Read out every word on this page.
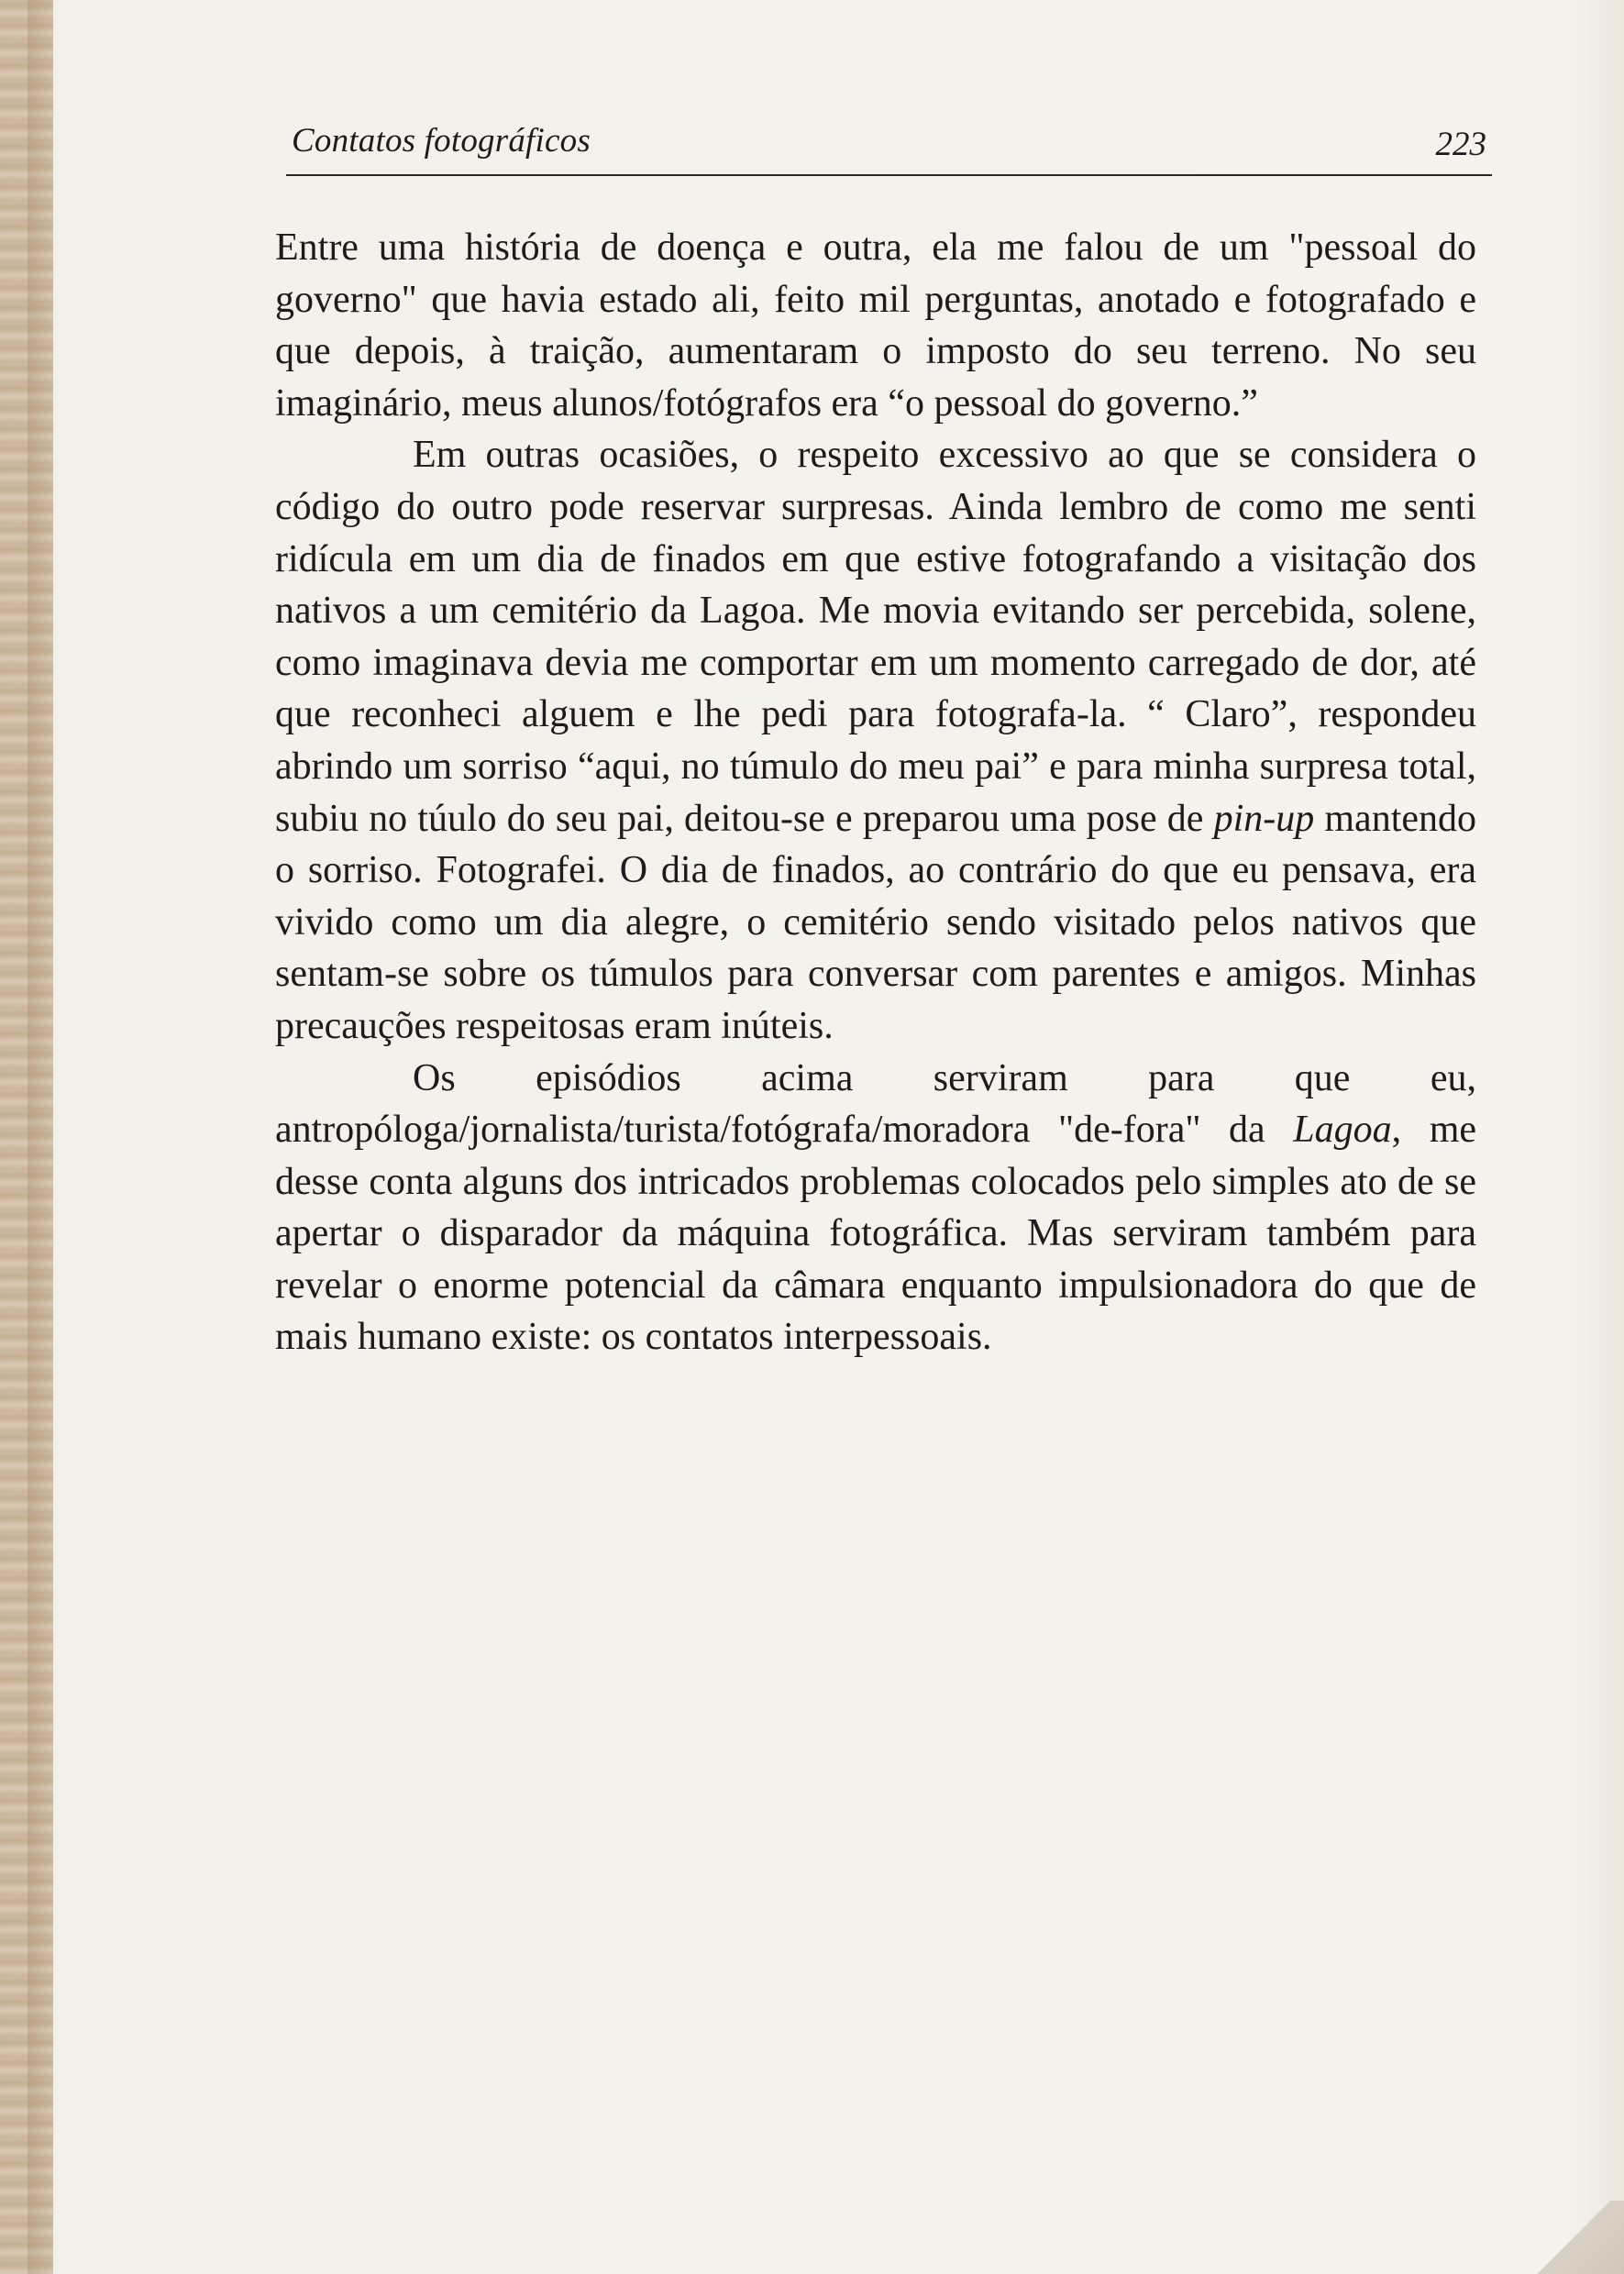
Contatos fotográficos	223

Entre uma história de doença e outra, ela me falou de um "pessoal do governo" que havia estado ali, feito mil perguntas, anotado e fotografado e que depois, à traição, aumentaram o imposto do seu terreno. No seu imaginário, meus alunos/fotógrafos era “o pessoal do governo.”

Em outras ocasiões, o respeito excessivo ao que se considera o código do outro pode reservar surpresas. Ainda lembro de como me senti ridícula em um dia de finados em que estive fotografando a visitação dos nativos a um cemitério da Lagoa. Me movia evitando ser percebida, solene, como imaginava devia me comportar em um momento carregado de dor, até que reconheci alguem e lhe pedi para fotografa-la. “ Claro”, respondeu abrindo um sorriso “aqui, no túmulo do meu pai” e para minha surpresa total, subiu no túulo do seu pai, deitou-se e preparou uma pose de pin-up mantendo o sorriso. Fotografei. O dia de finados, ao contrário do que eu pensava, era vivido como um dia alegre, o cemitério sendo visitado pelos nativos que sentam-se sobre os túmulos para conversar com parentes e amigos. Minhas precauções respeitosas eram inúteis.

Os episódios acima serviram para que eu, antropóloga/jornalista/turista/fotógrafa/moradora "de-fora" da Lagoa, me desse conta alguns dos intricados problemas colocados pelo simples ato de se apertar o disparador da máquina fotográfica. Mas serviram também para revelar o enorme potencial da câmara enquanto impulsionadora do que de mais humano existe: os contatos interpessoais.
